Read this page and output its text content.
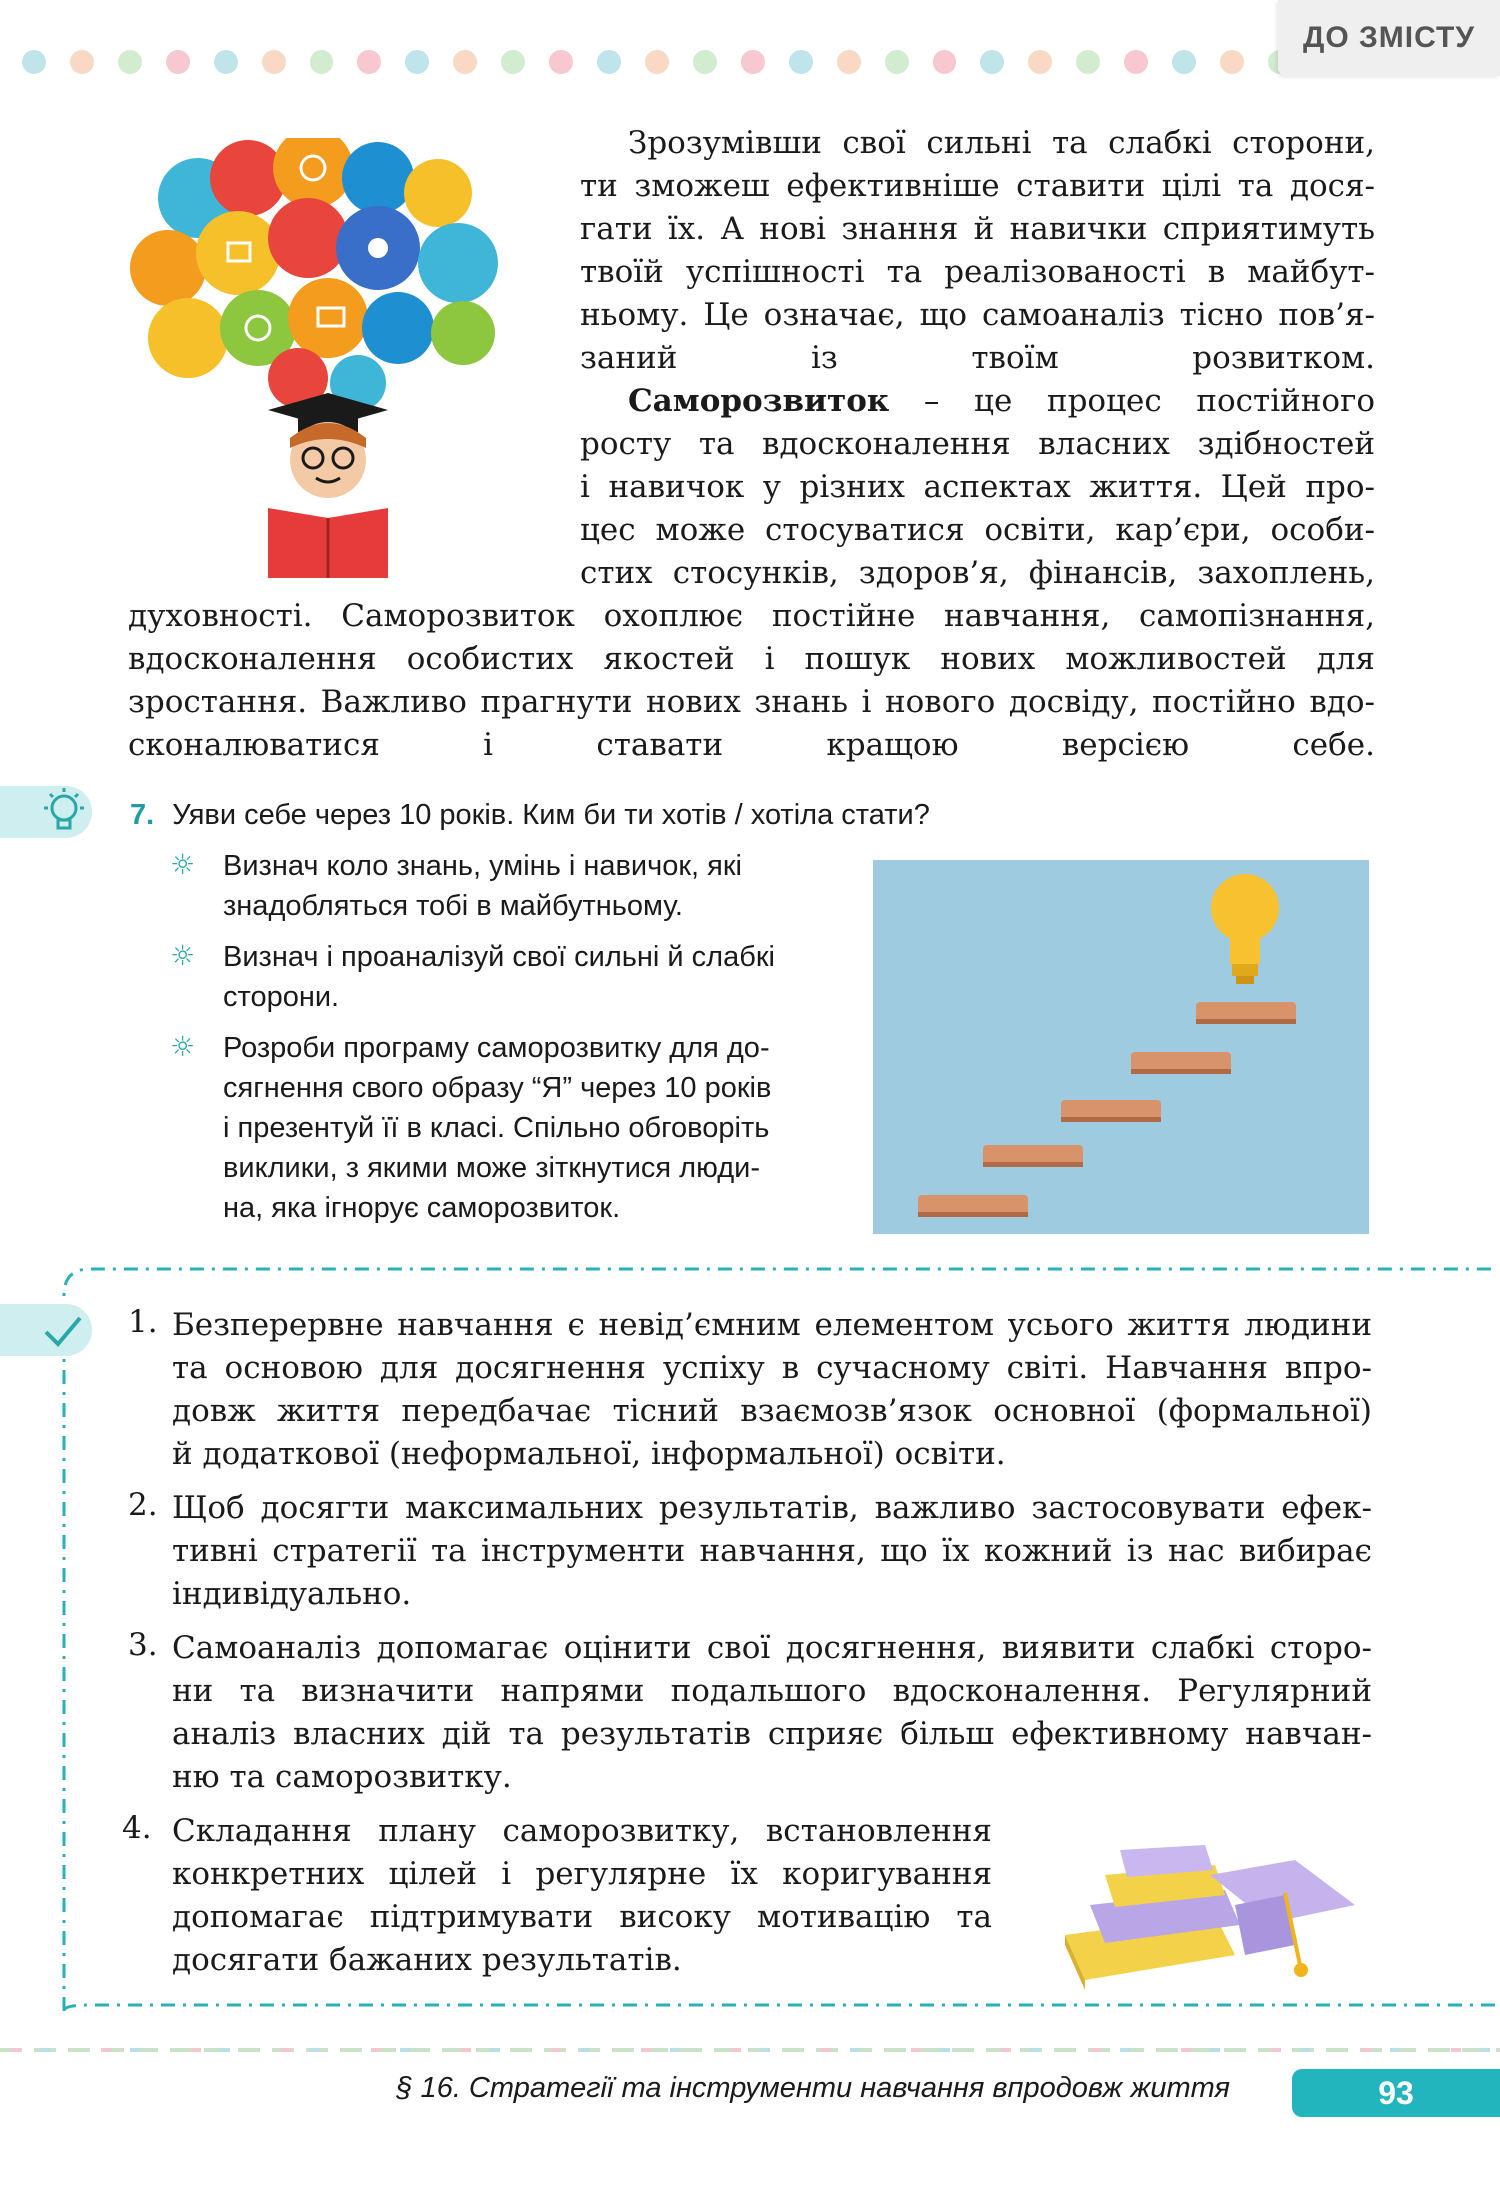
ДО ЗМІСТУ
Зрозумівши свої сильні та слабкі сторони,
ти зможеш ефективніше ставити цілі та дося-
гати їх. А нові знання й навички сприятимуть
твоїй успішності та реалізованості в майбут-
ньому. Це означає, що самоаналіз тісно пов’я-
заний із твоїм розвитком.
Саморозвиток – це процес постійного
росту та вдосконалення власних здібностей
і навичок у різних аспектах життя. Цей про-
цес може стосуватися освіти, кар’єри, особи-
стих стосунків, здоров’я, фінансів, захоплень,
духовності. Саморозвиток охоплює постійне навчання, самопізнання,
вдосконалення особистих якостей і пошук нових можливостей для
зростання. Важливо прагнути нових знань і нового досвіду, постійно вдо-
сконалюватися і ставати кращою версією себе.
7. Уяви себе через 10 років. Ким би ти хотів / хотіла стати?
☼ Визнач коло знань, умінь і навичок, які
знадобляться тобі в майбутньому.
☼ Визнач і проаналізуй свої сильні й слабкі
сторони.
☼ Розроби програму саморозвитку для до-
сягнення свого образу “Я” через 10 років
і презентуй її в класі. Спільно обговоріть
виклики, з якими може зіткнутися люди-
на, яка ігнорує саморозвиток.
1. Безперервне навчання є невід’ємним елементом усього життя людини
та основою для досягнення успіху в сучасному світі. Навчання впро-
довж життя передбачає тісний взаємозв’язок основної (формальної)
й додаткової (неформальної, інформальної) освіти.
2. Щоб досягти максимальних результатів, важливо застосовувати ефек-
тивні стратегії та інструменти навчання, що їх кожний із нас вибирає
індивідуально.
3. Самоаналіз допомагає оцінити свої досягнення, виявити слабкі сторо-
ни та визначити напрями подальшого вдосконалення. Регулярний
аналіз власних дій та результатів сприяє більш ефективному навчан-
ню та саморозвитку.
4. Складання плану саморозвитку, встановлення
конкретних цілей і регулярне їх коригування
допомагає підтримувати високу мотивацію та
досягати бажаних результатів.
§ 16. Стратегії та інструменти навчання впродовж життя	93
